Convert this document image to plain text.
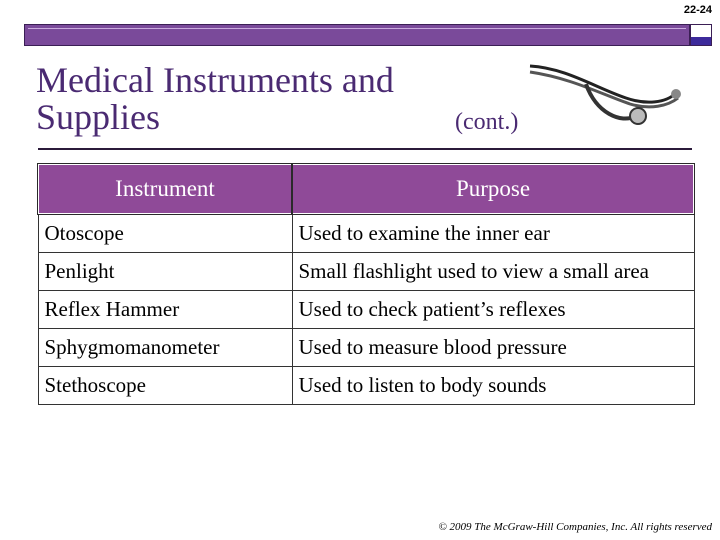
22-24
Medical Instruments and Supplies	(cont.)
Instrument	Purpose
Otoscope	Used to examine the inner ear
Penlight	Small flashlight used to view a small area
Reflex Hammer	Used to check patient’s reflexes
Sphygmomanometer	Used to measure blood pressure
Stethoscope	Used to listen to body sounds
© 2009 The McGraw-Hill Companies, Inc. All rights reserved
